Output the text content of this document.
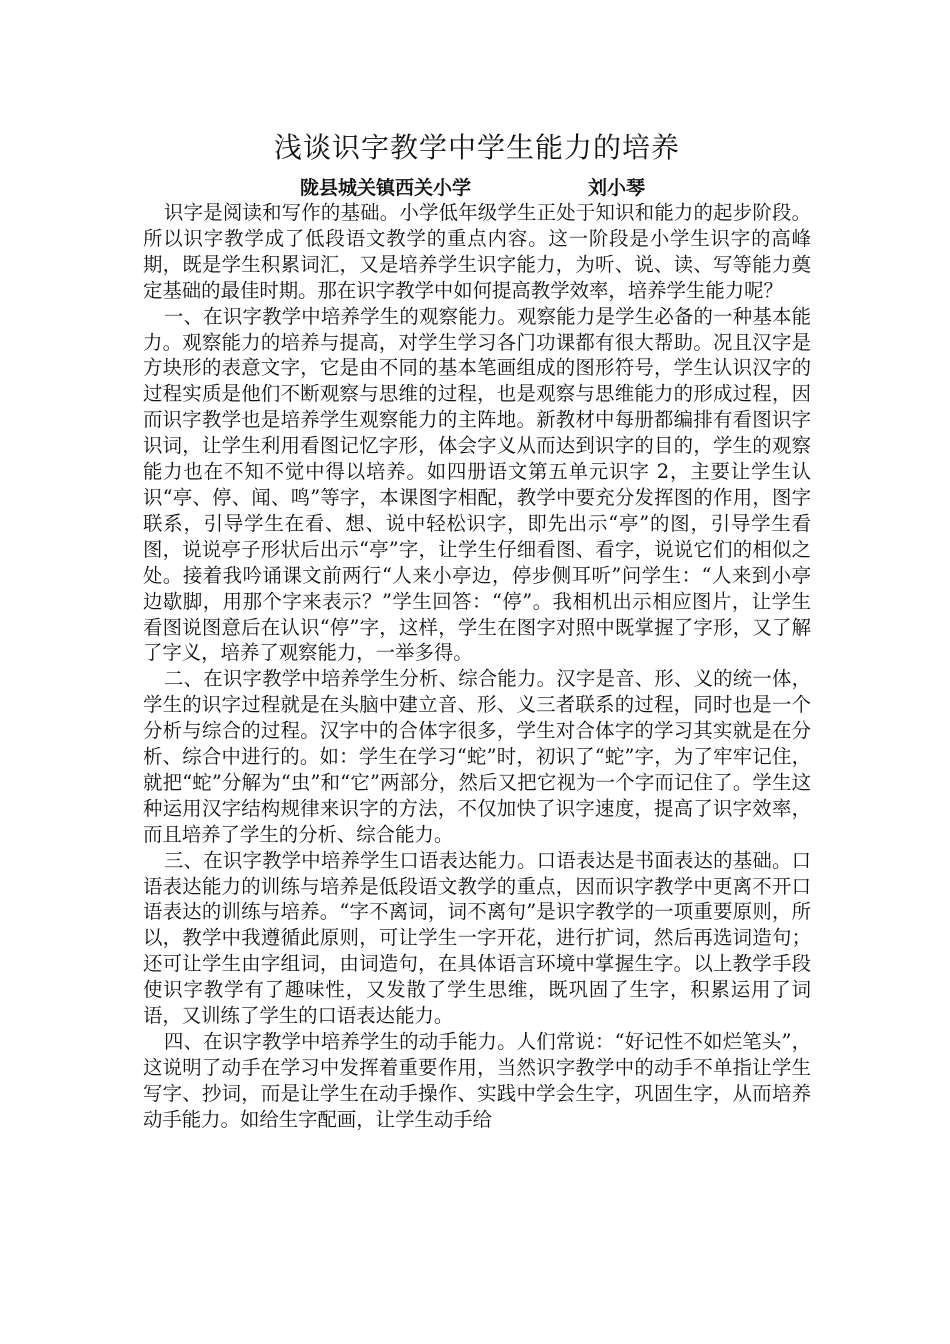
浅谈识字教学中学生能力的培养
陇县城关镇西关小学	刘小琴

识字是阅读和写作的基础。小学低年级学生正处于知识和能力的起步阶段。所以识字教学成了低段语文教学的重点内容。这一阶段是小学生识字的高峰期，既是学生积累词汇，又是培养学生识字能力，为听、说、读、写等能力奠定基础的最佳时期。那在识字教学中如何提高教学效率，培养学生能力呢？

一、在识字教学中培养学生的观察能力。观察能力是学生必备的一种基本能力。观察能力的培养与提高，对学生学习各门功课都有很大帮助。况且汉字是方块形的表意文字，它是由不同的基本笔画组成的图形符号，学生认识汉字的过程实质是他们不断观察与思维的过程，也是观察与思维能力的形成过程，因而识字教学也是培养学生观察能力的主阵地。新教材中每册都编排有看图识字识词，让学生利用看图记忆字形，体会字义从而达到识字的目的，学生的观察能力也在不知不觉中得以培养。如四册语文第五单元识字 2，主要让学生认识“亭、停、闻、鸣”等字，本课图字相配，教学中要充分发挥图的作用，图字联系，引导学生在看、想、说中轻松识字，即先出示“亭”的图，引导学生看图，说说亭子形状后出示“亭”字，让学生仔细看图、看字，说说它们的相似之处。接着我吟诵课文前两行“人来小亭边，停步侧耳听”问学生：“人来到小亭边歇脚，用那个字来表示？”学生回答：“停”。我相机出示相应图片，让学生看图说图意后在认识“停”字，这样，学生在图字对照中既掌握了字形，又了解了字义，培养了观察能力，一举多得。

二、在识字教学中培养学生分析、综合能力。汉字是音、形、义的统一体，学生的识字过程就是在头脑中建立音、形、义三者联系的过程，同时也是一个分析与综合的过程。汉字中的合体字很多，学生对合体字的学习其实就是在分析、综合中进行的。如：学生在学习“蛇”时，初识了“蛇”字，为了牢牢记住，就把“蛇”分解为“虫”和“它”两部分，然后又把它视为一个字而记住了。学生这种运用汉字结构规律来识字的方法，不仅加快了识字速度，提高了识字效率，而且培养了学生的分析、综合能力。

三、在识字教学中培养学生口语表达能力。口语表达是书面表达的基础。口语表达能力的训练与培养是低段语文教学的重点，因而识字教学中更离不开口语表达的训练与培养。“字不离词，词不离句”是识字教学的一项重要原则，所以，教学中我遵循此原则，可让学生一字开花，进行扩词，然后再选词造句；还可让学生由字组词，由词造句，在具体语言环境中掌握生字。以上教学手段使识字教学有了趣味性，又发散了学生思维，既巩固了生字，积累运用了词语，又训练了学生的口语表达能力。

四、在识字教学中培养学生的动手能力。人们常说：“好记性不如烂笔头”，这说明了动手在学习中发挥着重要作用，当然识字教学中的动手不单指让学生写字、抄词，而是让学生在动手操作、实践中学会生字，巩固生字，从而培养动手能力。如给生字配画，让学生动手给
